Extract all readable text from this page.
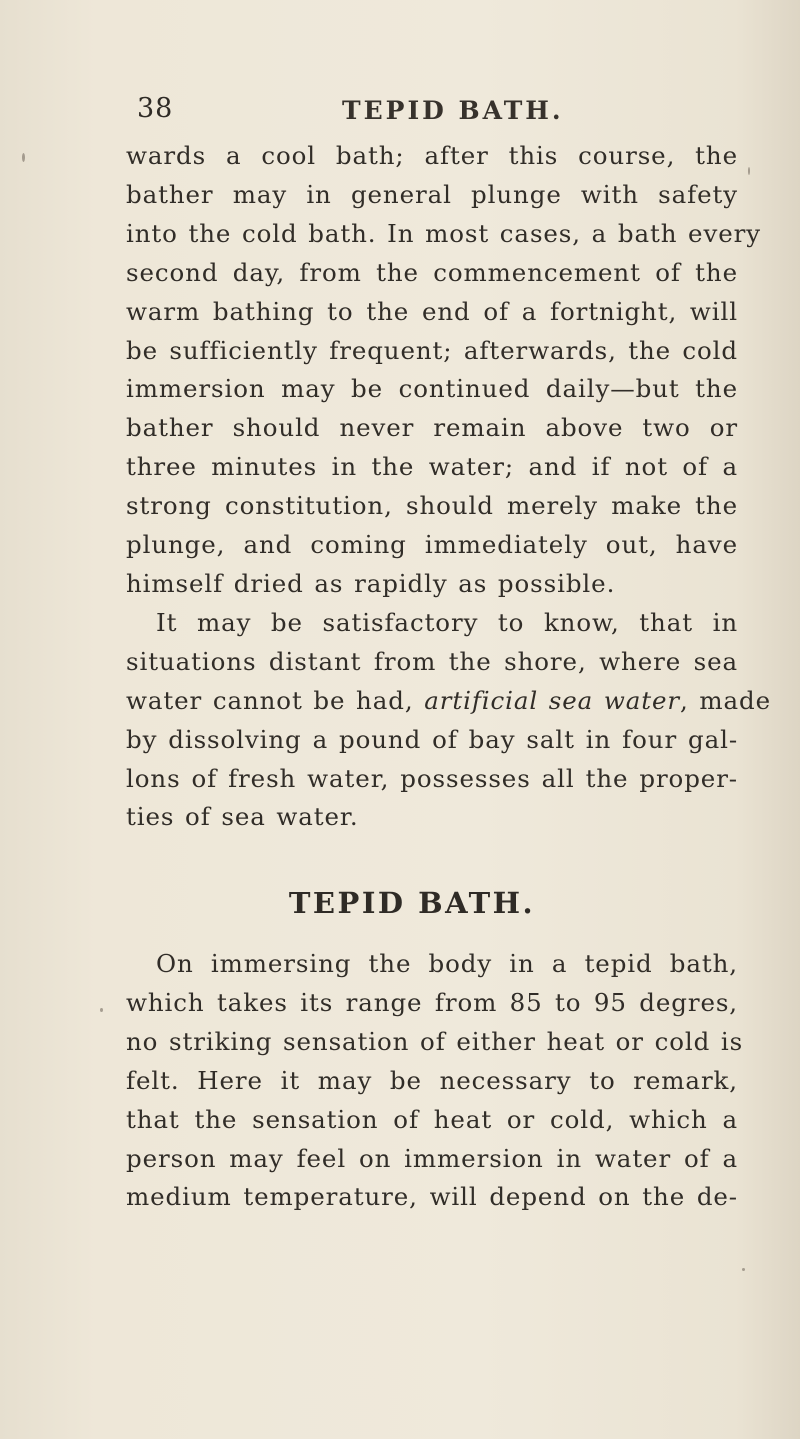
38	TEPID BATH.
wards a cool bath; after this course, the
bather may in general plunge with safety
into the cold bath. In most cases, a bath every
second day, from the commencement of the
warm bathing to the end of a fortnight, will
be sufficiently frequent; afterwards, the cold
immersion may be continued daily—but the
bather should never remain above two or
three minutes in the water; and if not of a
strong constitution, should merely make the
plunge, and coming immediately out, have
himself dried as rapidly as possible.
It may be satisfactory to know, that in
situations distant from the shore, where sea
water cannot be had, artificial sea water, made
by dissolving a pound of bay salt in four gal-
lons of fresh water, possesses all the proper-
ties of sea water.
TEPID BATH.
On immersing the body in a tepid bath,
which takes its range from 85 to 95 degres,
no striking sensation of either heat or cold is
felt. Here it may be necessary to remark,
that the sensation of heat or cold, which a
person may feel on immersion in water of a
medium temperature, will depend on the de-
